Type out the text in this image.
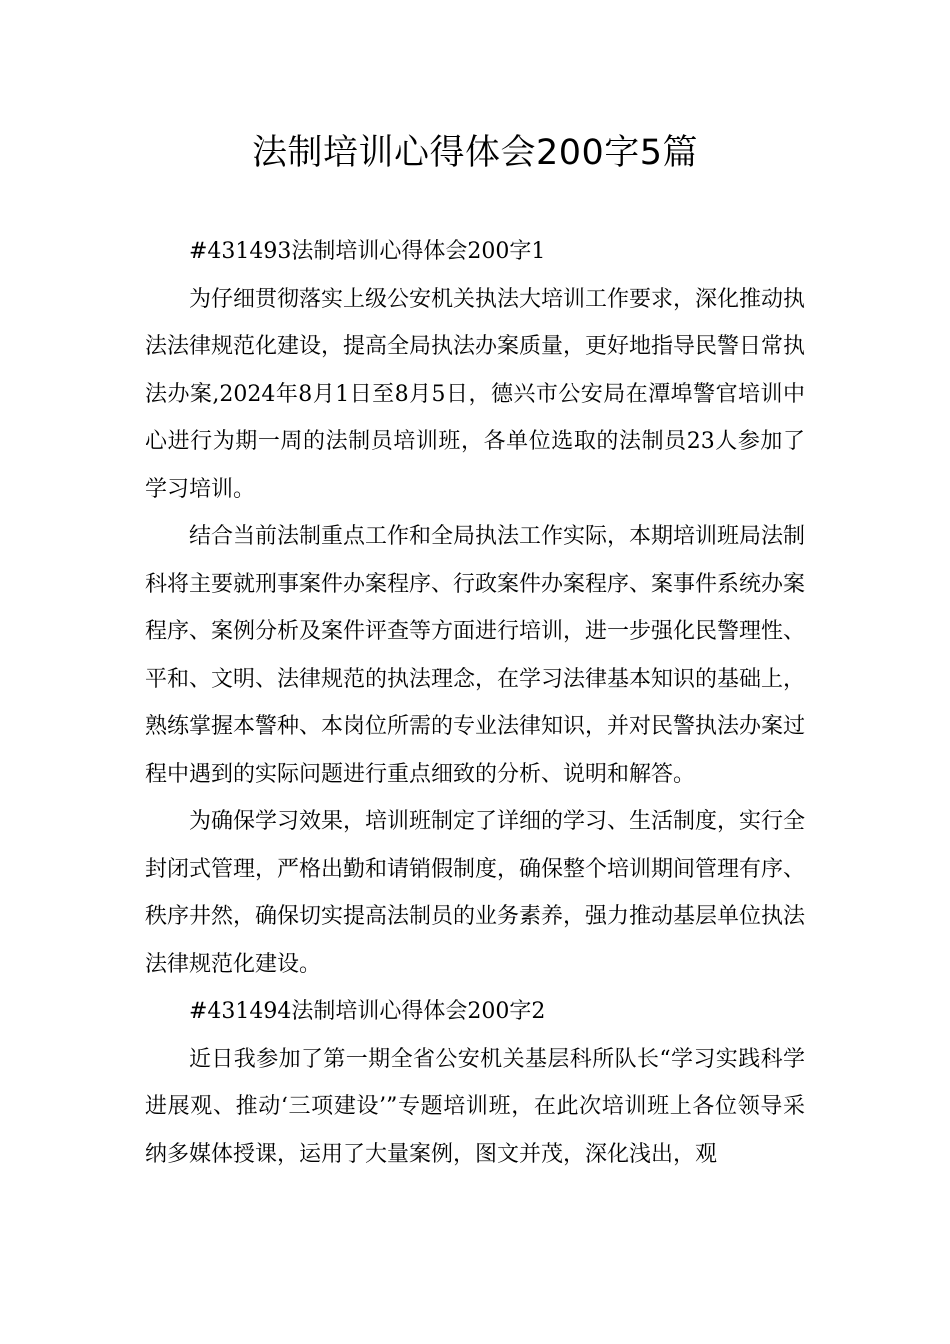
法制培训心得体会200字5篇

#431493法制培训心得体会200字1

为仔细贯彻落实上级公安机关执法大培训工作要求，深化推动执法法律规范化建设，提高全局执法办案质量，更好地指导民警日常执法办案,2024年8月1日至8月5日，德兴市公安局在潭埠警官培训中心进行为期一周的法制员培训班，各单位选取的法制员23人参加了学习培训。

结合当前法制重点工作和全局执法工作实际，本期培训班局法制科将主要就刑事案件办案程序、行政案件办案程序、案事件系统办案程序、案例分析及案件评查等方面进行培训，进一步强化民警理性、平和、文明、法律规范的执法理念，在学习法律基本知识的基础上，熟练掌握本警种、本岗位所需的专业法律知识，并对民警执法办案过程中遇到的实际问题进行重点细致的分析、说明和解答。

为确保学习效果，培训班制定了详细的学习、生活制度，实行全封闭式管理，严格出勤和请销假制度，确保整个培训期间管理有序、秩序井然，确保切实提高法制员的业务素养，强力推动基层单位执法法律规范化建设。

#431494法制培训心得体会200字2

近日我参加了第一期全省公安机关基层科所队长“学习实践科学进展观、推动‘三项建设’”专题培训班，在此次培训班上各位领导采纳多媒体授课，运用了大量案例，图文并茂，深化浅出，观
